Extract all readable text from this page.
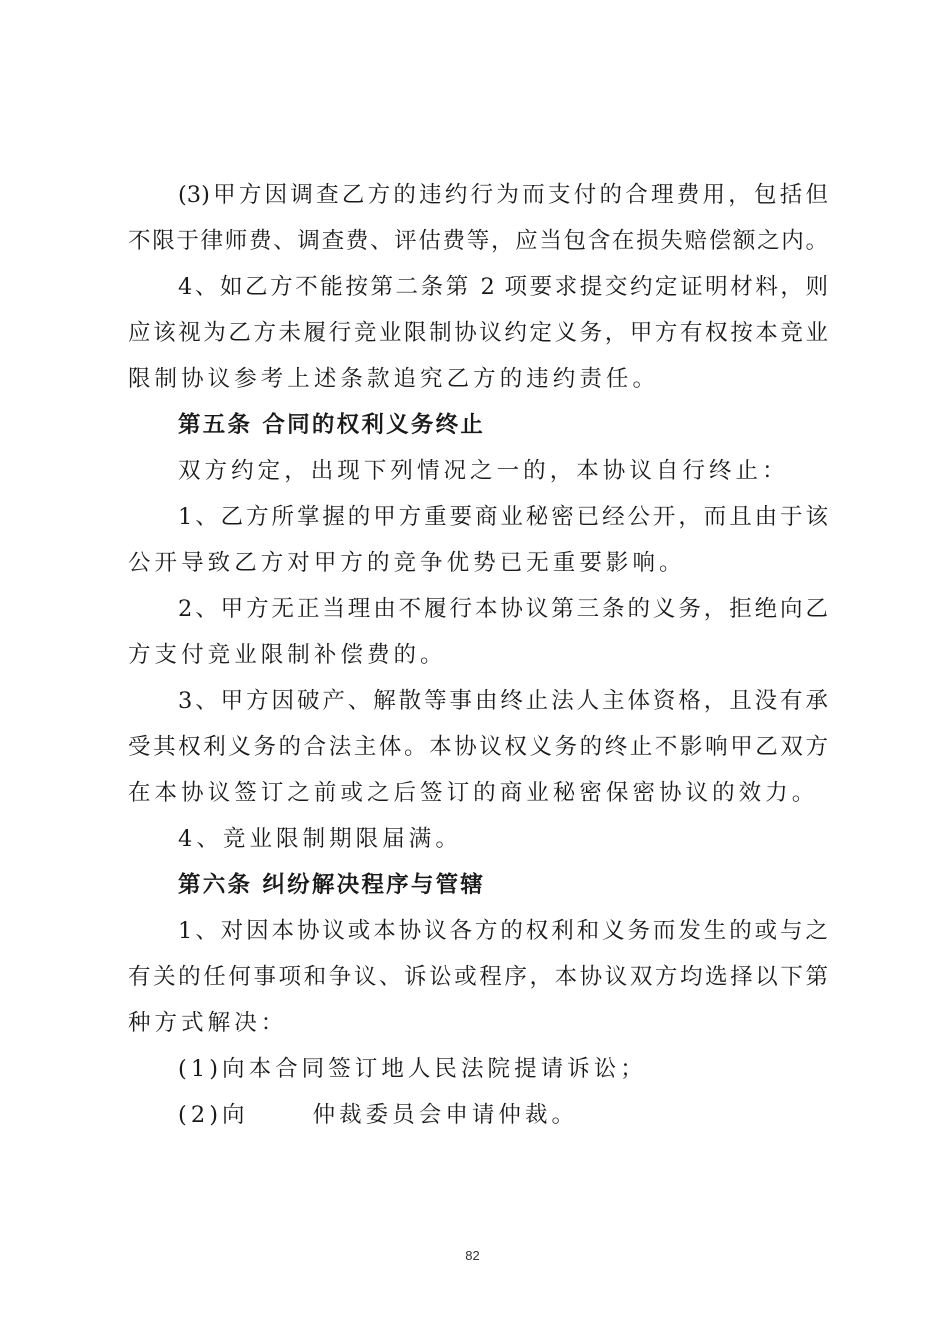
(3)甲方因调查乙方的违约行为而支付的合理费用，包括但
不限于律师费、调查费、评估费等，应当包含在损失赔偿额之内。
4、如乙方不能按第二条第 2 项要求提交约定证明材料，则
应该视为乙方未履行竞业限制协议约定义务，甲方有权按本竞业
限制协议参考上述条款追究乙方的违约责任。
第五条 合同的权利义务终止
双方约定，出现下列情况之一的，本协议自行终止：
1、乙方所掌握的甲方重要商业秘密已经公开，而且由于该
公开导致乙方对甲方的竞争优势已无重要影响。
2、甲方无正当理由不履行本协议第三条的义务，拒绝向乙
方支付竞业限制补偿费的。
3、甲方因破产、解散等事由终止法人主体资格，且没有承
受其权利义务的合法主体。本协议权义务的终止不影响甲乙双方
在本协议签订之前或之后签订的商业秘密保密协议的效力。
4、竞业限制期限届满。
第六条 纠纷解决程序与管辖
1、对因本协议或本协议各方的权利和义务而发生的或与之
有关的任何事项和争议、诉讼或程序，本协议双方均选择以下第
种方式解决：
(1)向本合同签订地人民法院提请诉讼；
(2)向	仲裁委员会申请仲裁。
82
